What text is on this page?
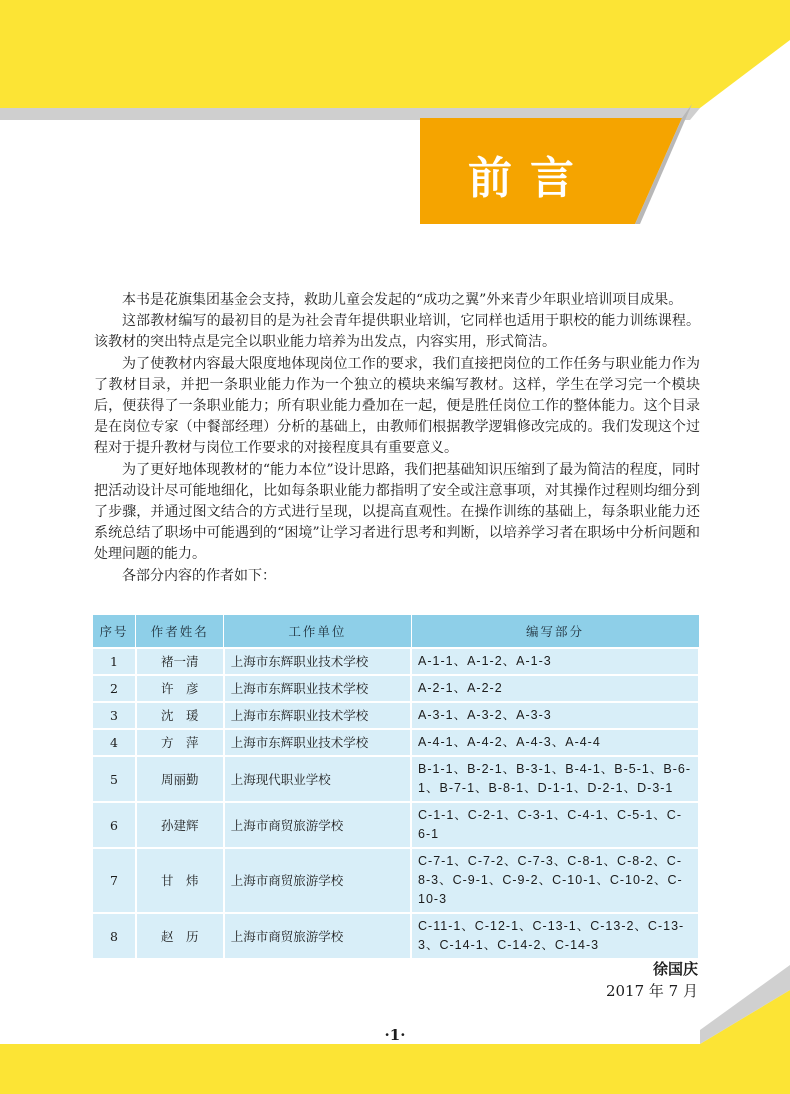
前言

本书是花旗集团基金会支持，救助儿童会发起的“成功之翼”外来青少年职业培训项目成果。

这部教材编写的最初目的是为社会青年提供职业培训，它同样也适用于职校的能力训练课程。该教材的突出特点是完全以职业能力培养为出发点，内容实用，形式简洁。

为了使教材内容最大限度地体现岗位工作的要求，我们直接把岗位的工作任务与职业能力作为了教材目录，并把一条职业能力作为一个独立的模块来编写教材。这样，学生在学习完一个模块后，便获得了一条职业能力；所有职业能力叠加在一起，便是胜任岗位工作的整体能力。这个目录是在岗位专家（中餐部经理）分析的基础上，由教师们根据教学逻辑修改完成的。我们发现这个过程对于提升教材与岗位工作要求的对接程度具有重要意义。

为了更好地体现教材的“能力本位”设计思路，我们把基础知识压缩到了最为简洁的程度，同时把活动设计尽可能地细化，比如每条职业能力都指明了安全或注意事项，对其操作过程则均细分到了步骤，并通过图文结合的方式进行呈现，以提高直观性。在操作训练的基础上，每条职业能力还系统总结了职场中可能遇到的“困境”让学习者进行思考和判断，以培养学习者在职场中分析问题和处理问题的能力。

各部分内容的作者如下：

序号	作者姓名	工作单位	编写部分
1	褚一清	上海市东辉职业技术学校	A-1-1、A-1-2、A-1-3
2	许　彦	上海市东辉职业技术学校	A-2-1、A-2-2
3	沈　瑗	上海市东辉职业技术学校	A-3-1、A-3-2、A-3-3
4	方　萍	上海市东辉职业技术学校	A-4-1、A-4-2、A-4-3、A-4-4
5	周丽勤	上海现代职业学校	B-1-1、B-2-1、B-3-1、B-4-1、B-5-1、B-6-1、B-7-1、B-8-1、D-1-1、D-2-1、D-3-1
6	孙建辉	上海市商贸旅游学校	C-1-1、C-2-1、C-3-1、C-4-1、C-5-1、C-6-1
7	甘　炜	上海市商贸旅游学校	C-7-1、C-7-2、C-7-3、C-8-1、C-8-2、C-8-3、C-9-1、C-9-2、C-10-1、C-10-2、C-10-3
8	赵　历	上海市商贸旅游学校	C-11-1、C-12-1、C-13-1、C-13-2、C-13-3、C-14-1、C-14-2、C-14-3
徐国庆
2017 年 7 月
·1·
